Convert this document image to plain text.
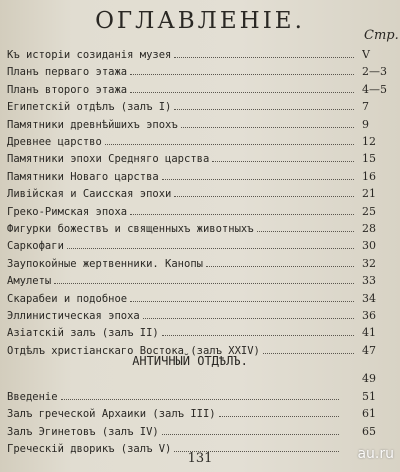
ОГЛАВЛЕНIЕ.
Стр.
Къ исторiи созиданiя музея	V
Планъ перваго этажа	2—3
Планъ второго этажа	4—5
Египетскiй отдѣлъ (залъ I)	7
Памятники древнѣйшихъ эпохъ	9
Древнее царство	12
Памятники эпохи Средняго царства	15
Памятники Новаго царства	16
Ливiйская и Саисская эпохи	21
Греко-Римская эпоха	25
Фигурки божествъ и священныхъ животныхъ	28
Саркофаги	30
Заупокойные жертвенники. Канопы	32
Амулеты	33
Скарабеи и подобное	34
Эллинистическая эпоха	36
Азiатскiй залъ (залъ II)	41
Отдѣлъ христiанскаго Востока (залъ XXIV)	47
АНТИЧНЫЙ ОТДѢЛЪ.
49
Введенiе	51
Залъ греческой Архаики (залъ III)	61
Залъ Эгинетовъ (залъ IV)	65
Греческiй дворикъ (залъ V)
131	au.ru
